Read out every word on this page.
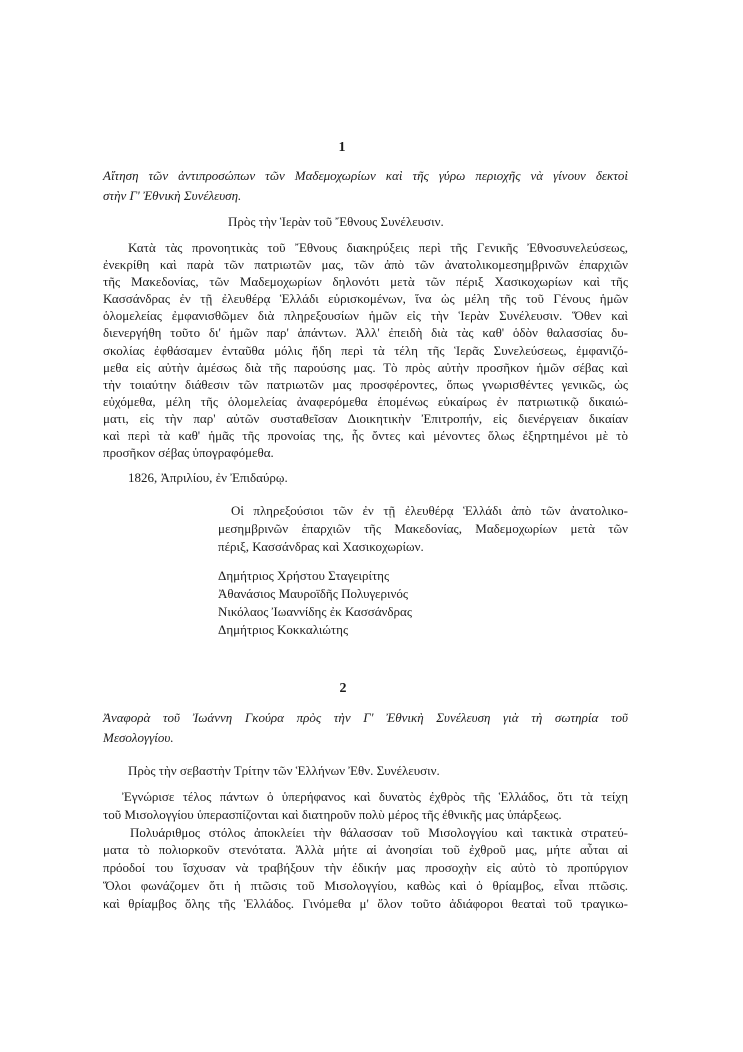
1
Αἴτηση τῶν ἀντιπροσώπων τῶν Μαδεμοχωρίων καὶ τῆς γύρω περιοχῆς νὰ γίνουν δεκτοὶ
στὴν Γ' Ἐθνικὴ Συνέλευση.
Πρὸς τὴν Ἱερὰν τοῦ Ἔθνους Συνέλευσιν.
Κατὰ τὰς προνοητικὰς τοῦ Ἔθνους διακηρύξεις περὶ τῆς Γενικῆς Ἐθνοσυνελεύσεως,
ἐνεκρίθη καὶ παρὰ τῶν πατριωτῶν μας, τῶν ἀπὸ τῶν ἀνατολικομεσημβρινῶν ἐπαρχιῶν
τῆς Μακεδονίας, τῶν Μαδεμοχωρίων δηλονότι μετὰ τῶν πέριξ Χασικοχωρίων καὶ τῆς
Κασσάνδρας ἐν τῇ ἐλευθέρᾳ Ἑλλάδι εὑρισκομένων, ἵνα ὡς μέλη τῆς τοῦ Γένους ἡμῶν
ὁλομελείας ἐμφανισθῶμεν διὰ πληρεξουσίων ἡμῶν εἰς τὴν Ἱερὰν Συνέλευσιν. Ὅθεν καὶ
διενεργήθη τοῦτο δι' ἡμῶν παρ' ἁπάντων. Ἀλλ' ἐπειδὴ διὰ τὰς καθ' ὁδὸν θαλασσίας δυ-
σκολίας ἐφθάσαμεν ἐνταῦθα μόλις ἤδη περὶ τὰ τέλη τῆς Ἱερᾶς Συνελεύσεως, ἐμφανιζό-
μεθα εἰς αὐτὴν ἀμέσως διὰ τῆς παρούσης μας. Τὸ πρὸς αὐτὴν προσῆκον ἡμῶν σέβας καὶ
τὴν τοιαύτην διάθεσιν τῶν πατριωτῶν μας προσφέροντες, ὅπως γνωρισθέντες γενικῶς, ὡς
εὐχόμεθα, μέλη τῆς ὁλομελείας ἀναφερόμεθα ἑπομένως εὐκαίρως ἐν πατριωτικῷ δικαιώ-
ματι, εἰς τὴν παρ' αὐτῶν συσταθεῖσαν Διοικητικὴν Ἐπιτροπήν, εἰς διενέργειαν δικαίαν
καὶ περὶ τὰ καθ' ἡμᾶς τῆς προνοίας της, ἧς ὄντες καὶ μένοντες ὅλως ἐξηρτημένοι μὲ τὸ
προσῆκον σέβας ὑπογραφόμεθα.
1826, Ἀπριλίου, ἐν Ἐπιδαύρῳ.
Οἱ πληρεξούσιοι τῶν ἐν τῇ ἐλευθέρᾳ Ἑλλάδι ἀπὸ τῶν ἀνατολικο-
μεσημβρινῶν ἐπαρχιῶν τῆς Μακεδονίας, Μαδεμοχωρίων μετὰ τῶν
πέριξ, Κασσάνδρας καὶ Χασικοχωρίων.
Δημήτριος Χρήστου Σταγειρίτης
Ἀθανάσιος Μαυροϊδῆς Πολυγερινός
Νικόλαος Ἰωαννίδης ἐκ Κασσάνδρας
Δημήτριος Κοκκαλιώτης
2
Ἀναφορὰ τοῦ Ἰωάννη Γκούρα πρὸς τὴν Γ' Ἐθνικὴ Συνέλευση γιὰ τὴ σωτηρία τοῦ
Μεσολογγίου.
Πρὸς τὴν σεβαστὴν Τρίτην τῶν Ἑλλήνων Ἐθν. Συνέλευσιν.
Ἐγνώρισε τέλος πάντων ὁ ὑπερήφανος καὶ δυνατὸς ἐχθρὸς τῆς Ἑλλάδος, ὅτι τὰ τείχη
τοῦ Μισολογγίου ὑπερασπίζονται καὶ διατηροῦν πολὺ μέρος τῆς ἐθνικῆς μας ὑπάρξεως.
Πολυάριθμος στόλος ἀποκλείει τὴν θάλασσαν τοῦ Μισολογγίου καὶ τακτικὰ στρατεύ-
ματα τὸ πολιορκοῦν στενότατα. Ἀλλὰ μήτε αἱ ἀνοησίαι τοῦ ἐχθροῦ μας, μήτε αὗται αἱ
πρόοδοί του ἴσχυσαν νὰ τραβήξουν τὴν ἐδικήν μας προσοχὴν εἰς αὐτὸ τὸ προπύργιον
Ὅλοι φωνάζομεν ὅτι ἡ πτῶσις τοῦ Μισολογγίου, καθὼς καὶ ὁ θρίαμβος, εἶναι πτῶσις.
καὶ θρίαμβος ὅλης τῆς Ἑλλάδος. Γινόμεθα μ' ὅλον τοῦτο ἀδιάφοροι θεαταὶ τοῦ τραγικω-
